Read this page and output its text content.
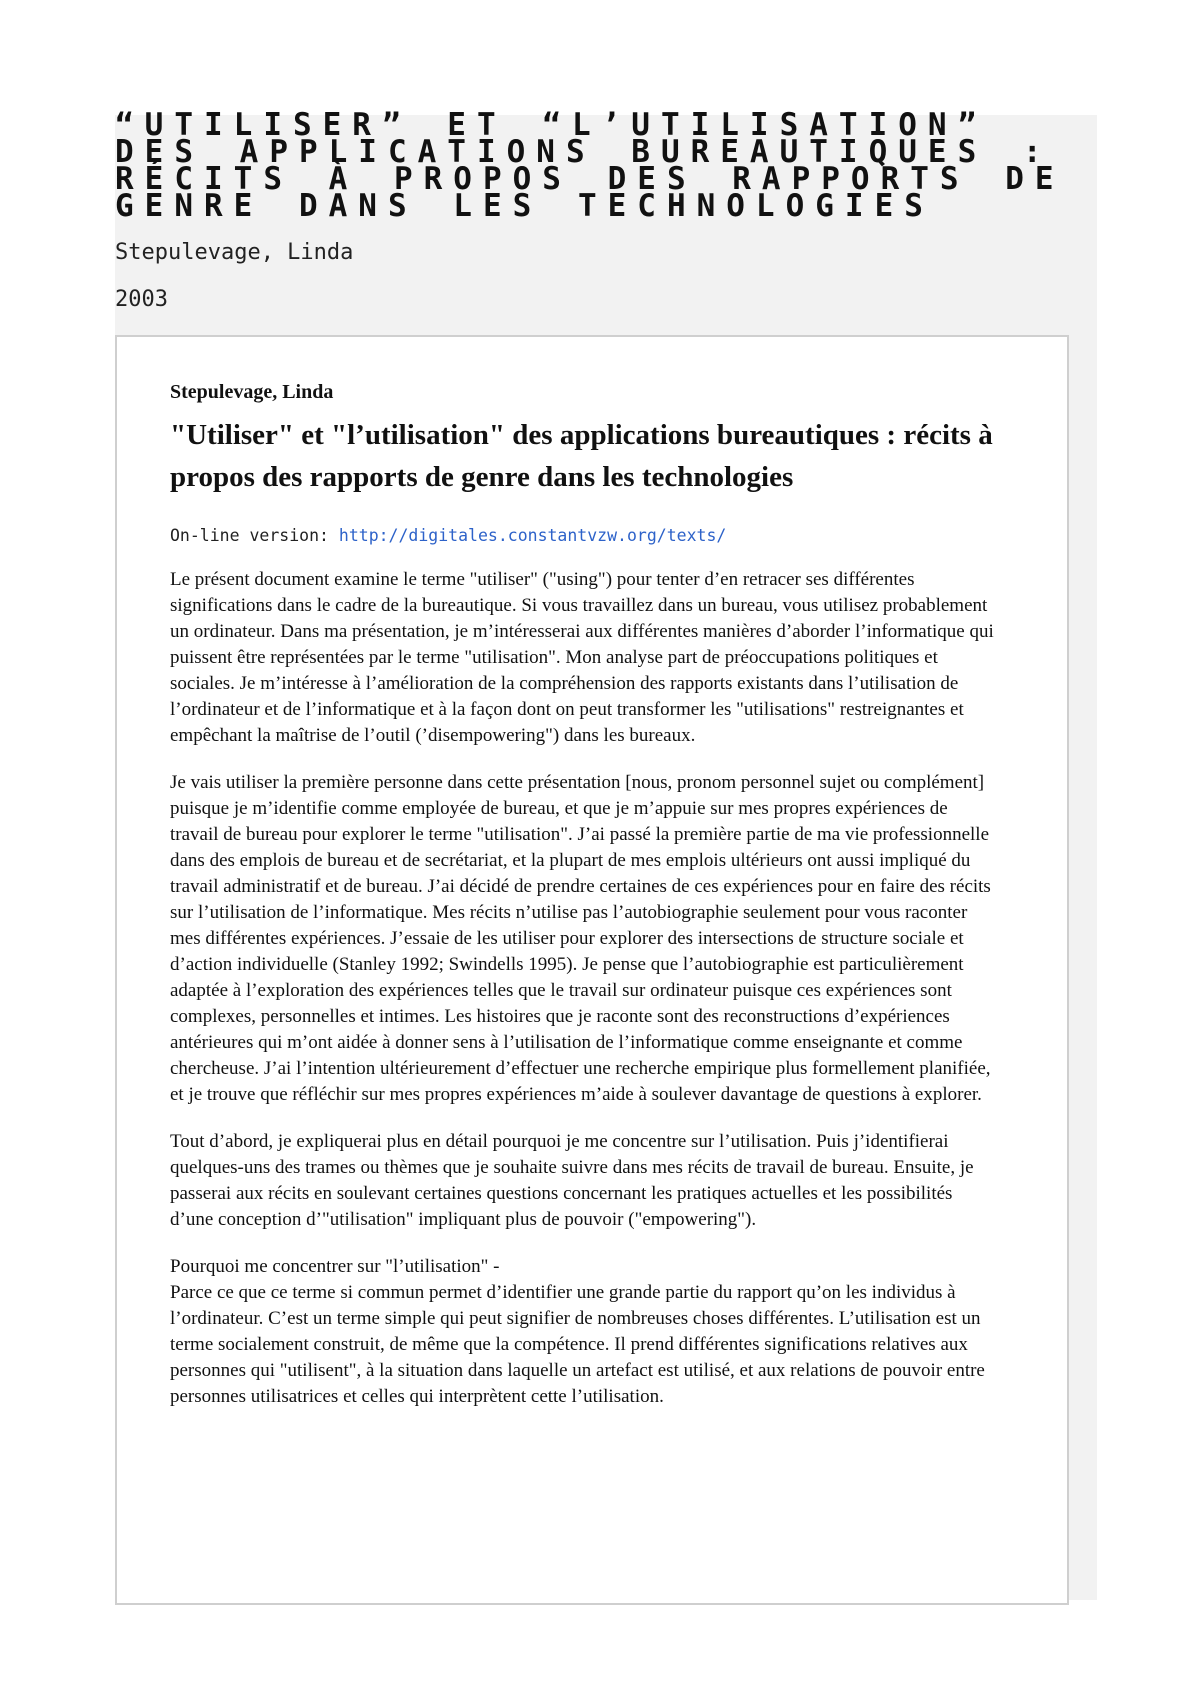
“UTILISER” ET “L’UTILISATION” DES APPLICATIONS BUREAUTIQUES : RÉCITS À PROPOS DES RAPPORTS DE GENRE DANS LES TECHNOLOGIES

Stepulevage, Linda

2003

Stepulevage, Linda

"Utiliser" et "l’utilisation" des applications bureautiques : récits à propos des rapports de genre dans les technologies

On-line version: http://digitales.constantvzw.org/texts/

Le présent document examine le terme "utiliser" ("using") pour tenter d’en retracer ses différentes significations dans le cadre de la bureautique. Si vous travaillez dans un bureau, vous utilisez probablement un ordinateur. Dans ma présentation, je m’intéresserai aux différentes manières d’aborder l’informatique qui puissent être représentées par le terme "utilisation". Mon analyse part de préoccupations politiques et sociales. Je m’intéresse à l’amélioration de la compréhension des rapports existants dans l’utilisation de l’ordinateur et de l’informatique et à la façon dont on peut transformer les "utilisations" restreignantes et empêchant la maîtrise de l’outil (’disempowering") dans les bureaux.

Je vais utiliser la première personne dans cette présentation [nous, pronom personnel sujet ou complément] puisque je m’identifie comme employée de bureau, et que je m’appuie sur mes propres expériences de travail de bureau pour explorer le terme "utilisation". J’ai passé la première partie de ma vie professionnelle dans des emplois de bureau et de secrétariat, et la plupart de mes emplois ultérieurs ont aussi impliqué du travail administratif et de bureau. J’ai décidé de prendre certaines de ces expériences pour en faire des récits sur l’utilisation de l’informatique. Mes récits n’utilise pas l’autobiographie seulement pour vous raconter mes différentes expériences. J’essaie de les utiliser pour explorer des intersections de structure sociale et d’action individuelle (Stanley 1992; Swindells 1995). Je pense que l’autobiographie est particulièrement adaptée à l’exploration des expériences telles que le travail sur ordinateur puisque ces expériences sont complexes, personnelles et intimes. Les histoires que je raconte sont des reconstructions d’expériences antérieures qui m’ont aidée à donner sens à l’utilisation de l’informatique comme enseignante et comme chercheuse. J’ai l’intention ultérieurement d’effectuer une recherche empirique plus formellement planifiée, et je trouve que réfléchir sur mes propres expériences m’aide à soulever davantage de questions à explorer.

Tout d’abord, je expliquerai plus en détail pourquoi je me concentre sur l’utilisation. Puis j’identifierai quelques-uns des trames ou thèmes que je souhaite suivre dans mes récits de travail de bureau. Ensuite, je passerai aux récits en soulevant certaines questions concernant les pratiques actuelles et les possibilités d’une conception d’"utilisation" impliquant plus de pouvoir ("empowering").

Pourquoi me concentrer sur "l’utilisation" -
Parce ce que ce terme si commun permet d’identifier une grande partie du rapport qu’on les individus à l’ordinateur. C’est un terme simple qui peut signifier de nombreuses choses différentes. L’utilisation est un terme socialement construit, de même que la compétence. Il prend différentes significations relatives aux personnes qui "utilisent", à la situation dans laquelle un artefact est utilisé, et aux relations de pouvoir entre personnes utilisatrices et celles qui interprètent cette l’utilisation.
